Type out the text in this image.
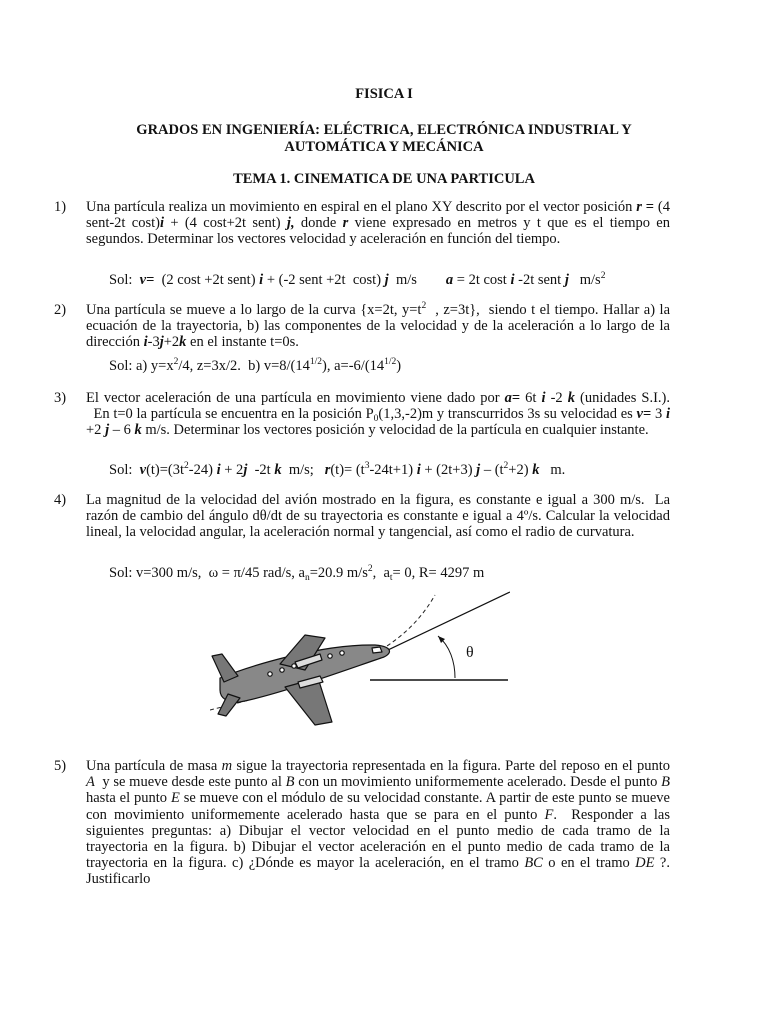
FISICA I
GRADOS EN INGENIERÍA: ELÉCTRICA, ELECTRÓNICA INDUSTRIAL Y
AUTOMÁTICA Y MECÁNICA
TEMA 1. CINEMATICA DE UNA PARTICULA
1) Una partícula realiza un movimiento en espiral en el plano XY descrito por el vector posición r = (4 sent-2t cost)i + (4 cost+2t sent) j, donde r viene expresado en metros y t que es el tiempo en segundos. Determinar los vectores velocidad y aceleración en función del tiempo.
Sol:  v=  (2 cost +2t sent) i + (-2 sent +2t  cost) j  m/s        a = 2t cost i -2t sent j   $m/s^2$
2) Una partícula se mueve a lo largo de la curva {x=2t, $y=t^2$  , z=3t},  siendo t el tiempo. Hallar a) la ecuación de la trayectoria, b) las componentes de la velocidad y de la aceleración a lo largo de la dirección i-3j+2k en el instante t=0s.
Sol: a) $y=x^2/4$, z=3x/2.  b) $v=8/(14^{1/2})$, $a=-6/(14^{1/2})$
3) El vector aceleración de una partícula en movimiento viene dado por a= 6t i -2 k (unidades S.I.).   En t=0 la partícula se encuentra en la posición $P_0(1,3,-2)m$ y transcurridos 3s su velocidad es v= 3 i +2 j – 6 k m/s. Determinar los vectores posición y velocidad de la partícula en cualquier instante.
Sol:  $v(t)=(3t^2-24) i + 2j$  -2t k  m/s;   $r(t)= (t^3-24t+1) i + (2t+3)$ $j - (t^2+2)$ k   m.
4) La magnitud de la velocidad del avión mostrado en la figura, es constante e igual a 300 m/s.  La razón de cambio del ángulo dθ/dt de su trayectoria es constante e igual a 4º/s. Calcular la velocidad lineal, la velocidad angular, la aceleración normal y tangencial, así como el radio de curvatura.
Sol: v=300 m/s,  ω = π/45 rad/s, $a_n=20.9$ $m/s^2$,  $a_t= 0$, R= 4297 m
θ
5) Una partícula de masa m sigue la trayectoria representada en la figura. Parte del reposo en el punto A  y se mueve desde este punto al B con un movimiento uniformemente acelerado. Desde el punto B hasta el punto E se mueve con el módulo de su velocidad constante. A partir de este punto se mueve con movimiento uniformemente acelerado hasta que se para en el punto F.  Responder a las siguientes preguntas: a) Dibujar el vector velocidad en el punto medio de cada tramo de la trayectoria en la figura. b) Dibujar el vector aceleración en el punto medio de cada tramo de la trayectoria en la figura. c) ¿Dónde es mayor la aceleración, en el tramo BC o en el tramo DE ?. Justificarlo
